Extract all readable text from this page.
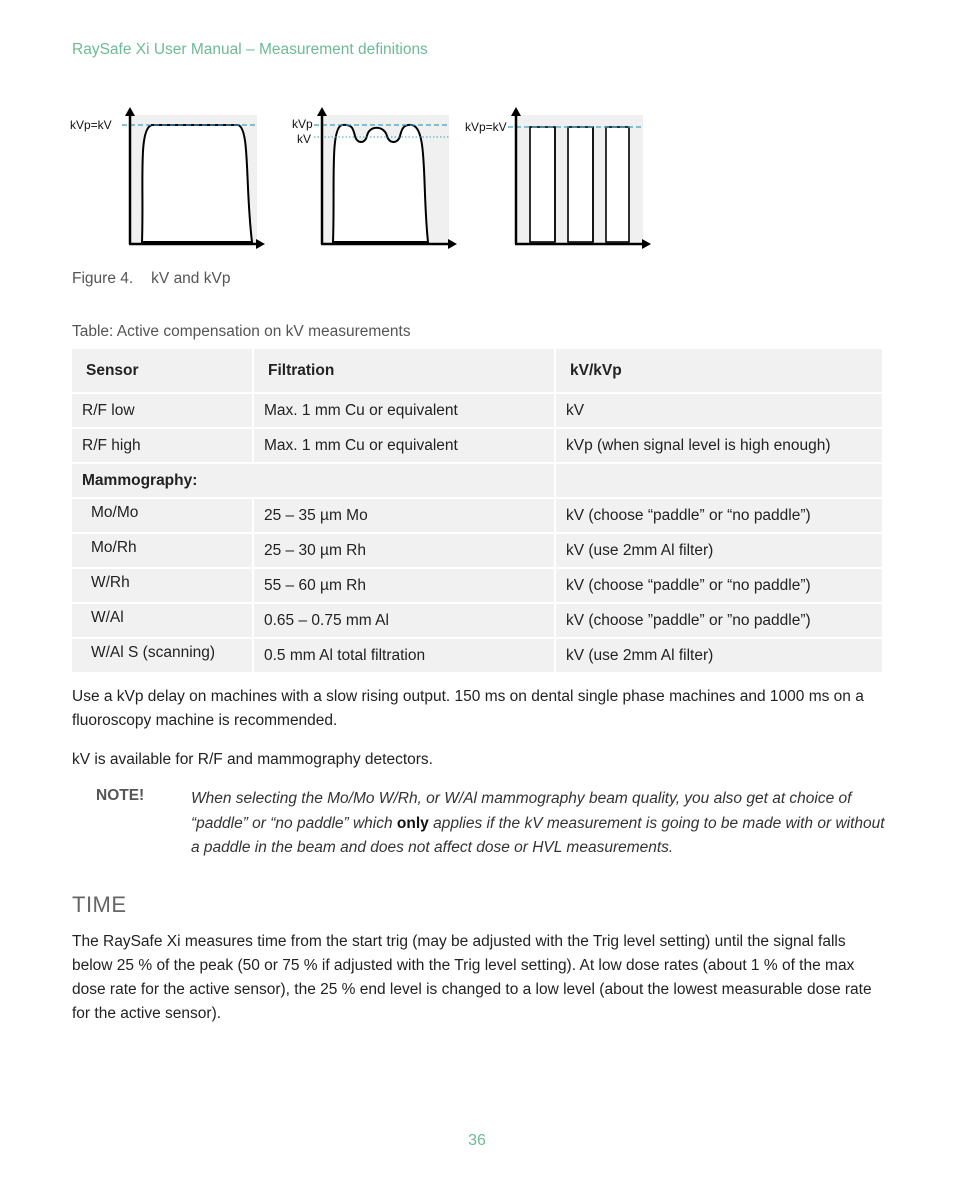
RaySafe Xi User Manual – Measurement definitions
kVp=kV	kVp
kV
kVp=kV
Figure 4. kV and kVp
Table: Active compensation on kV measurements
Sensor	Filtration	kV/kVp
R/F low	Max. 1 mm Cu or equivalent	kV
R/F high	Max. 1 mm Cu or equivalent	kVp (when signal level is high enough)
Mammography:		
Mo/Mo	25 – 35 µm Mo	kV (choose “paddle” or “no paddle”)
Mo/Rh	25 – 30 µm Rh	kV (use 2mm Al filter)
W/Rh	55 – 60 µm Rh	kV (choose “paddle” or “no paddle”)
W/Al	0.65 – 0.75 mm Al	kV (choose ”paddle” or ”no paddle”)
W/Al S (scanning)	0.5 mm Al total filtration	kV (use 2mm Al filter)
Use a kVp delay on machines with a slow rising output. 150 ms on dental single phase machines and 1000 ms on a fluoroscopy machine is recommended.
kV is available for R/F and mammography detectors.
NOTE!	When selecting the Mo/Mo W/Rh, or W/Al mammography beam quality, you also get at choice of “paddle” or “no paddle” which only applies if the kV measurement is going to be made with or without a paddle in the beam and does not affect dose or HVL measurements.
TIME
The RaySafe Xi measures time from the start trig (may be adjusted with the Trig level setting) until the signal falls below 25 % of the peak (50 or 75 % if adjusted with the Trig level setting). At low dose rates (about 1 % of the max dose rate for the active sensor), the 25 % end level is changed to a low level (about the lowest measurable dose rate for the active sensor).
36
